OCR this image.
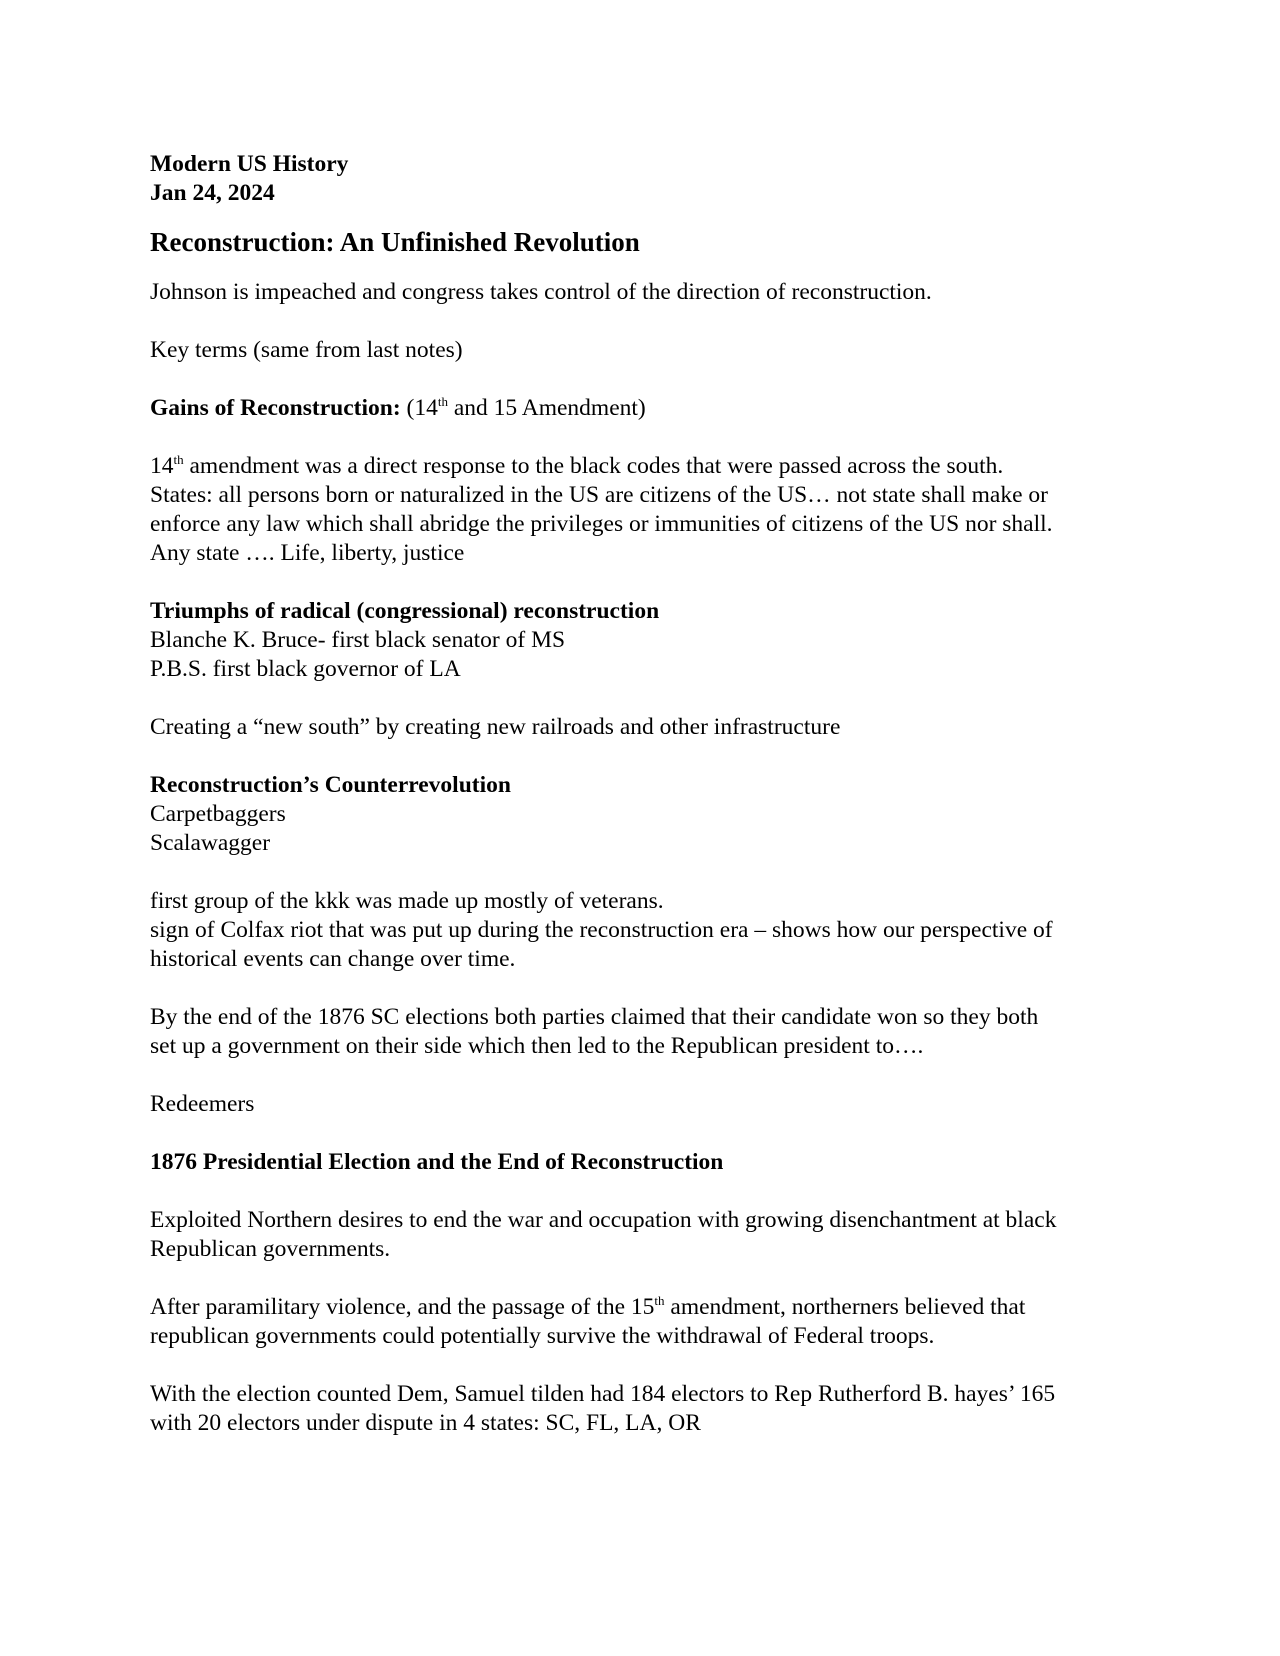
Modern US History
Jan 24, 2024
Reconstruction: An Unfinished Revolution
Johnson is impeached and congress takes control of the direction of reconstruction.
Key terms (same from last notes)
Gains of Reconstruction: (14th and 15 Amendment)
14th amendment was a direct response to the black codes that were passed across the south.
States: all persons born or naturalized in the US are citizens of the US… not state shall make or
enforce any law which shall abridge the privileges or immunities of citizens of the US nor shall.
Any state …. Life, liberty, justice
Triumphs of radical (congressional) reconstruction
Blanche K. Bruce- first black senator of MS
P.B.S. first black governor of LA
Creating a “new south” by creating new railroads and other infrastructure
Reconstruction’s Counterrevolution
Carpetbaggers
Scalawagger
first group of the kkk was made up mostly of veterans.
sign of Colfax riot that was put up during the reconstruction era – shows how our perspective of
historical events can change over time.
By the end of the 1876 SC elections both parties claimed that their candidate won so they both
set up a government on their side which then led to the Republican president to….
Redeemers
1876 Presidential Election and the End of Reconstruction
Exploited Northern desires to end the war and occupation with growing disenchantment at black
Republican governments.
After paramilitary violence, and the passage of the 15th amendment, northerners believed that
republican governments could potentially survive the withdrawal of Federal troops.
With the election counted Dem, Samuel tilden had 184 electors to Rep Rutherford B. hayes’ 165
with 20 electors under dispute in 4 states: SC, FL, LA, OR
